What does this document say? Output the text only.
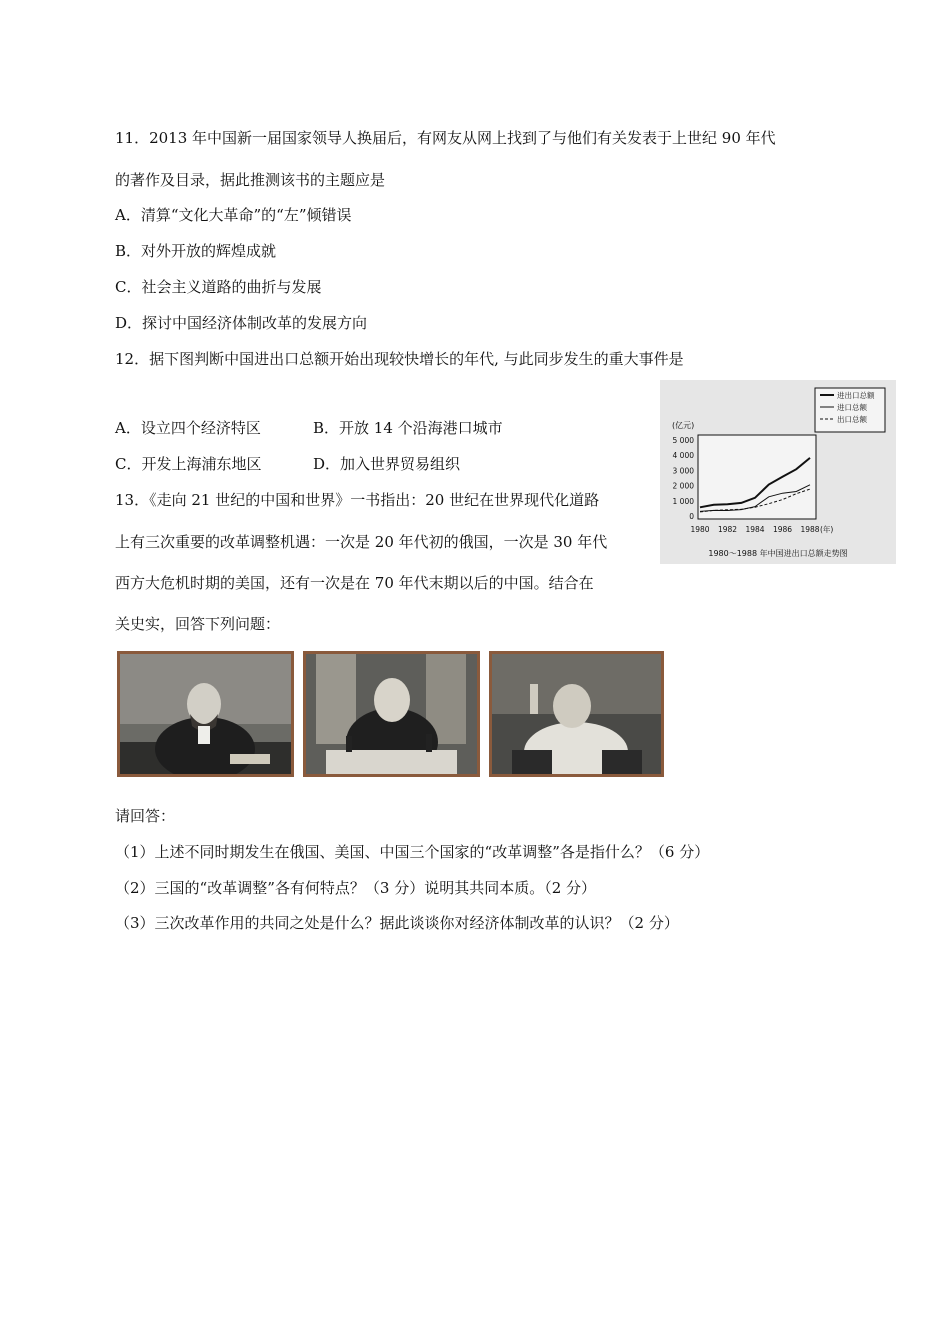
11．2013 年中国新一届国家领导人换届后，有网友从网上找到了与他们有关发表于上世纪 90 年代
的著作及目录，据此推测该书的主题应是
A．清算“文化大革命”的“左”倾错误
B．对外开放的辉煌成就
C．社会主义道路的曲折与发展
D．探讨中国经济体制改革的发展方向
12．据下图判断中国进出口总额开始出现较快增长的年代, 与此同步发生的重大事件是
A．设立四个经济特区	B．开放 14 个沿海港口城市
C．开发上海浦东地区	D．加入世界贸易组织
(亿元)
0
1 000
2 000
3 000
4 000
5 000
1980 1982 1984 1986 1988 (年)
进出口总额
进口总额
出口总额
1980～1988 年中国进出口总额走势图
13．《走向 21 世纪的中国和世界》一书指出：20 世纪在世界现代化道路
上有三次重要的改革调整机遇：一次是 20 年代初的俄国，一次是 30 年代
西方大危机时期的美国，还有一次是在 70 年代末期以后的中国。结合在
关史实，回答下列问题：
请回答：
（1）上述不同时期发生在俄国、美国、中国三个国家的“改革调整”各是指什么？（6 分）
（2）三国的“改革调整”各有何特点？（3 分）说明其共同本质。（2 分）
（3）三次改革作用的共同之处是什么？据此谈谈你对经济体制改革的认识？（2 分）
